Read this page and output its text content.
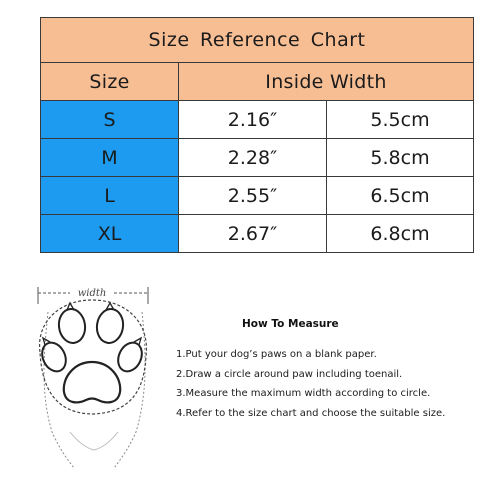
Size Reference Chart		
Size	Inside Width	
S	2.16″	5.5cm
M	2.28″	5.8cm
L	2.55″	6.5cm
XL	2.67″	6.8cm
width
How To Measure
1.Put your dog’s paws on a blank paper.
2.Draw a circle around paw including toenail.
3.Measure the maximum width according to circle.
4.Refer to the size chart and choose the suitable size.
